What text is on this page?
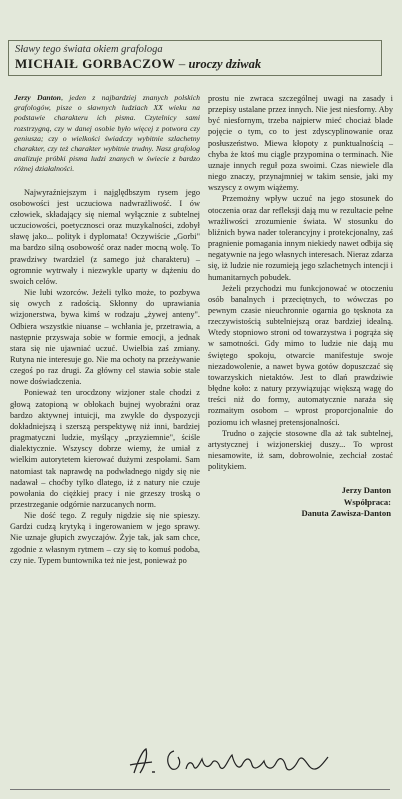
Sławy tego świata okiem grafologa
MICHAIŁ GORBACZOW – uroczy dziwak
Jerzy Danton, jeden z najbardziej znanych polskich grafologów, pisze o sławnych ludziach XX wieku na podstawie charakteru ich pisma. Czytelnicy sami rozstrzygną, czy w danej osobie było więcej z potwora czy geniusza; czy o wielkości świadczy wybitnie szlachetny charakter, czy też charakter wybitnie trudny. Nasz grafolog analizuje próbki pisma ludzi znanych w świecie z bardzo różnej działalności.

Najwyraźniejszym i najględbszym rysem jego osobowości jest uczuciowa nadwrażliwość. I ów człowiek, składający się niemal wyłącznie z subtelnej uczuciowości, poetycznosci oraz muzykalności, zdobył sławę jako... polityk i dyplomata! Oczywiście „Gorbi" ma bardzo silną osobowość oraz nader mocną wolę. To prawdziwy twardziel (z samego już charakteru) – ogromnie wytrwały i niezwykle uparty w dążeniu do swoich celów.

Nie lubi wzorców. Jeżeli tylko może, to pozbywa się owych z radością. Skłonny do uprawiania wizjonerstwa, bywa kimś w rodzaju „żywej anteny". Odbiera wszystkie niuanse – wchłania je, przetrawia, a następnie przyswaja sobie w formie emocji, a jednak stara się nie ujawniać uczuć. Uwielbia zaś zmiany. Rutyna nie interesuje go. Nie ma ochoty na przeżywanie czegoś po raz drugi. Za główny cel stawia sobie stale nowe doświadczenia.

Ponieważ ten urocdzony wizjoner stale chodzi z głową zatopioną w obłokach bujnej wyobraźni oraz bardzo aktywnej intuicji, ma zwykle do dyspozycji dokładniejszą i szerszą perspektywę niż inni, bardziej pragmatyczni ludzie, myślący „przyziemnie", ściśle dialektycznie. Wszyscy dobrze wiemy, że umiał z wielkim autorytetem kierować dużymi zespołami. Sam natomiast tak naprawdę na podwładnego nigdy się nie nadawał – choćby tylko dlatego, iż z natury nie czuje powołania do ciężkiej pracy i nie grzeszy troską o przestrzeganie odgórnie narzucanych norm.

Nie dość tego. Z reguły nigdzie się nie spieszy. Gardzi cudzą krytyką i ingerowaniem w jego sprawy. Nie uznaje głupich zwyczajów. Żyje tak, jak sam chce, zgodnie z własnym rytmem – czy się to komuś podoba, czy nie. Typem buntownika też nie jest, ponieważ po

prostu nie zwraca szczególnej uwagi na zasady i przepisy ustalane przez innych. Nie jest niesforny. Aby być niesfornym, trzeba najpierw mieć chociaż blade pojęcie o tym, co to jest zdyscyplinowanie oraz posłuszeństwo. Miewa kłopoty z punktualnością – chyba że ktoś mu ciągle przypomina o terminach. Nie uznaje innych reguł poza swoimi. Czas niewiele dla niego znaczy, przynajmniej w takim sensie, jaki my wszyscy z owym wiążemy.

Przemożny wpływ uczuć na jego stosunek do otoczenia oraz dar refleksji dają mu w rezultacie pełne wrażliwości zrozumienie świata. W stosunku do bliźnich bywa nader tolerancyjny i protekcjonalny, zaś pragnienie pomagania innym niekiedy nawet odbija się negatywnie na jego własnych interesach. Nieraz zdarza się, iż ludzie nie rozumieją jego szlachetnych intencji i humanitarnych pobudek.

Jeżeli przychodzi mu funkcjonować w otoczeniu osób banalnych i przeciętnych, to wówczas po pewnym czasie nieuchronnie ogarnia go tęsknota za rzeczywistością subtelniejszą oraz bardziej idealną. Wtedy stopniowo stroni od towarzystwa i pogrąża się w samotności. Gdy mimo to ludzie nie dają mu świętego spokoju, otwarcie manifestuje swoje niezadowolenie, a nawet bywa gotów dopuszczać się towarzyskich nietaktów. Jest to dlań prawdziwie błędne koło: z natury przywiązując większą wagę do treści niż do formy, automatycznie naraża się rozmaitym osobom – wprost proporcjonalnie do poziomu ich własnej pretensjonalności.

Trudno o zajęcie stosowne dla aż tak subtelnej, artystycznej i wizjonerskiej duszy... To wprost niesamowite, iż sam, dobrowolnie, zechciał zostać politykiem.

Jerzy Danton
Współpraca:
Danuta Zawisza-Danton
